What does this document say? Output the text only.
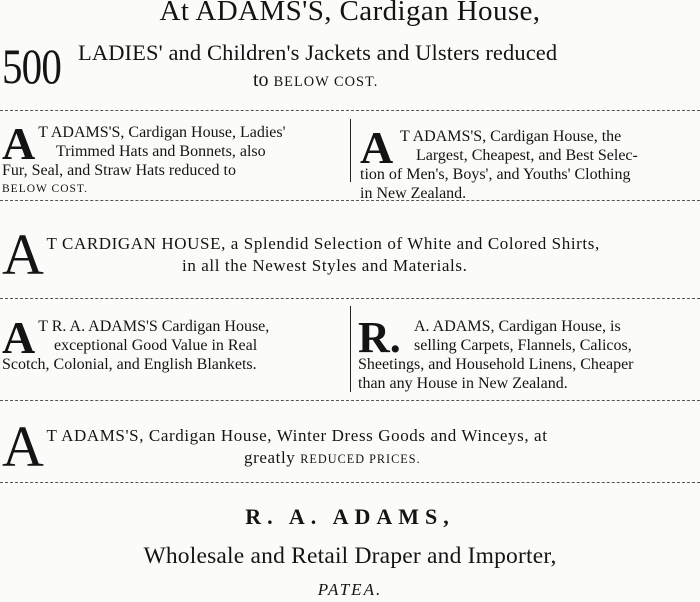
At ADAMS'S, Cardigan House,
500 LADIES' and Children's Jackets and Ulsters reduced
to BELOW COST.
A T ADAMS'S, Cardigan House, Ladies'
Trimmed Hats and Bonnets, also
Fur, Seal, and Straw Hats reduced to
BELOW COST.
A T ADAMS'S, Cardigan House, the
Largest, Cheapest, and Best Selec-
tion of Men's, Boys', and Youths' Clothing
in New Zealand.
A T CARDIGAN HOUSE, a Splendid Selection of White and Colored Shirts,
in all the Newest Styles and Materials.
A T R. A. ADAMS'S Cardigan House,
exceptional Good Value in Real
Scotch, Colonial, and English Blankets.
R. A. ADAMS, Cardigan House, is
selling Carpets, Flannels, Calicos,
Sheetings, and Household Linens, Cheaper
than any House in New Zealand.
A T ADAMS'S, Cardigan House, Winter Dress Goods and Winceys, at
greatly REDUCED PRICES.
R. A. ADAMS,
Wholesale and Retail Draper and Importer,
PATEA.
